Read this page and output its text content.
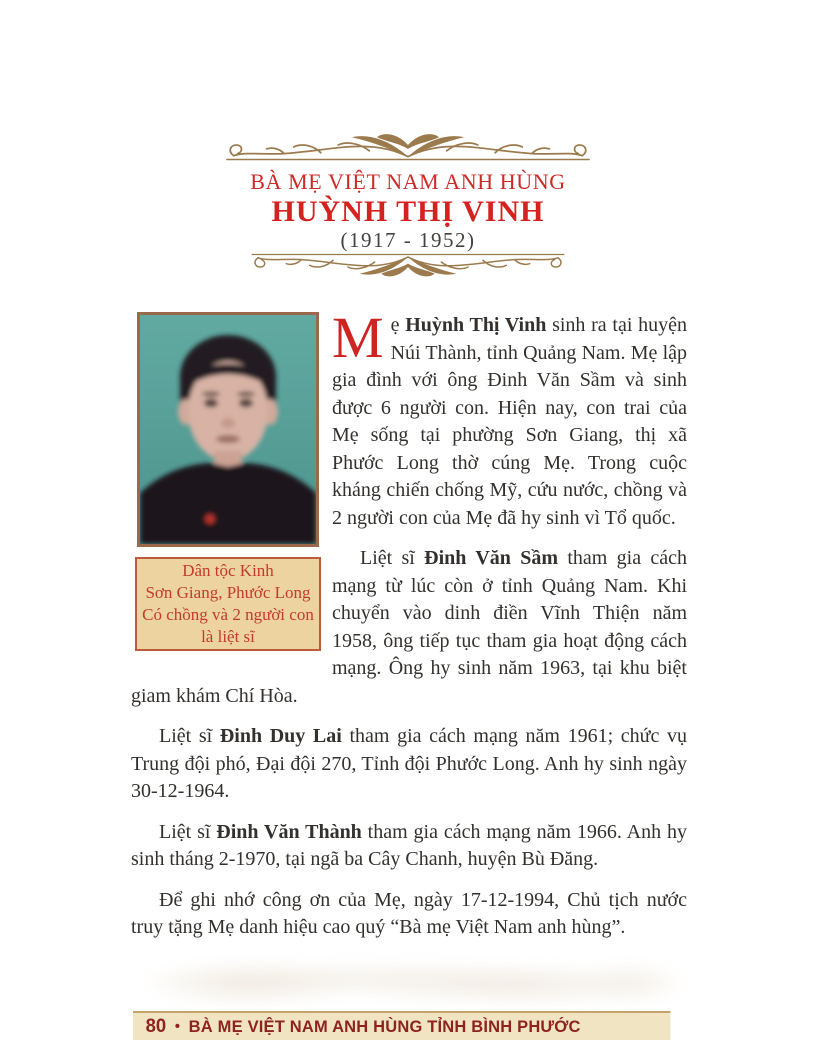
BÀ MẸ VIỆT NAM ANH HÙNG
HUỲNH THỊ VINH
(1917 - 1952)
Dân tộc Kinh
Sơn Giang, Phước Long
Có chồng và 2 người con
là liệt sĩ

Mẹ Huỳnh Thị Vinh sinh ra tại huyện Núi Thành, tỉnh Quảng Nam. Mẹ lập gia đình với ông Đinh Văn Sầm và sinh được 6 người con. Hiện nay, con trai của Mẹ sống tại phường Sơn Giang, thị xã Phước Long thờ cúng Mẹ. Trong cuộc kháng chiến chống Mỹ, cứu nước, chồng và 2 người con của Mẹ đã hy sinh vì Tổ quốc.

Liệt sĩ Đinh Văn Sầm tham gia cách mạng từ lúc còn ở tỉnh Quảng Nam. Khi chuyển vào dinh điền Vĩnh Thiện năm 1958, ông tiếp tục tham gia hoạt động cách mạng. Ông hy sinh năm 1963, tại khu biệt giam khám Chí Hòa.

Liệt sĩ Đinh Duy Lai tham gia cách mạng năm 1961; chức vụ Trung đội phó, Đại đội 270, Tỉnh đội Phước Long. Anh hy sinh ngày 30-12-1964.

Liệt sĩ Đinh Văn Thành tham gia cách mạng năm 1966. Anh hy sinh tháng 2-1970, tại ngã ba Cây Chanh, huyện Bù Đăng.

Để ghi nhớ công ơn của Mẹ, ngày 17-12-1994, Chủ tịch nước truy tặng Mẹ danh hiệu cao quý “Bà mẹ Việt Nam anh hùng”.

80 • BÀ MẸ VIỆT NAM ANH HÙNG TỈNH BÌNH PHƯỚC
